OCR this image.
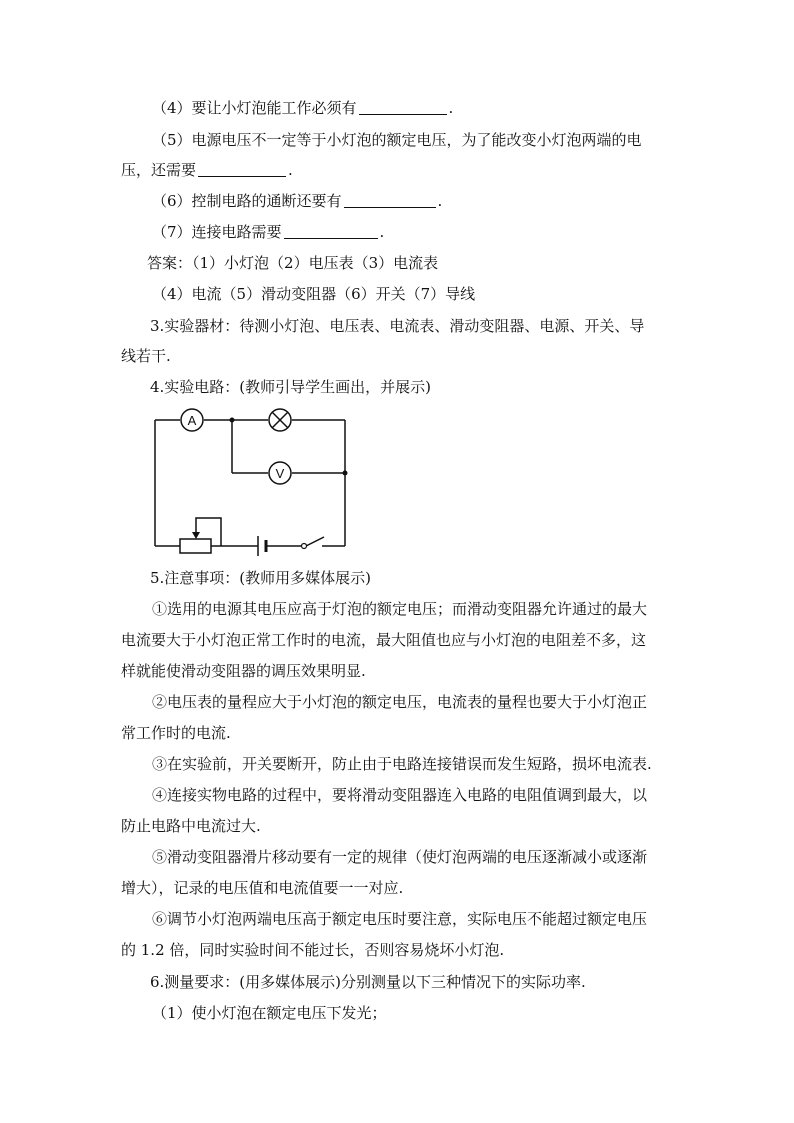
（4）要让小灯泡能工作必须有	.
（5）电源电压不一定等于小灯泡的额定电压，为了能改变小灯泡两端的电
压，还需要	.
（6）控制电路的通断还要有	.
（7）连接电路需要	.
答案：（1）小灯泡（2）电压表（3）电流表
（4）电流（5）滑动变阻器（6）开关（7）导线
3.实验器材：待测小灯泡、电压表、电流表、滑动变阻器、电源、开关、导
线若干.
4.实验电路：(教师引导学生画出，并展示)
A
V
5.注意事项：(教师用多媒体展示)
①选用的电源其电压应高于灯泡的额定电压；而滑动变阻器允许通过的最大
电流要大于小灯泡正常工作时的电流，最大阻值也应与小灯泡的电阻差不多，这
样就能使滑动变阻器的调压效果明显.
②电压表的量程应大于小灯泡的额定电压，电流表的量程也要大于小灯泡正
常工作时的电流.
③在实验前，开关要断开，防止由于电路连接错误而发生短路，损坏电流表.
④连接实物电路的过程中，要将滑动变阻器连入电路的电阻值调到最大，以
防止电路中电流过大.
⑤滑动变阻器滑片移动要有一定的规律（使灯泡两端的电压逐渐减小或逐渐
增大），记录的电压值和电流值要一一对应.
⑥调节小灯泡两端电压高于额定电压时要注意，实际电压不能超过额定电压
的 1.2 倍，同时实验时间不能过长，否则容易烧坏小灯泡.
6.测量要求：(用多媒体展示)分别测量以下三种情况下的实际功率.
（1）使小灯泡在额定电压下发光；
